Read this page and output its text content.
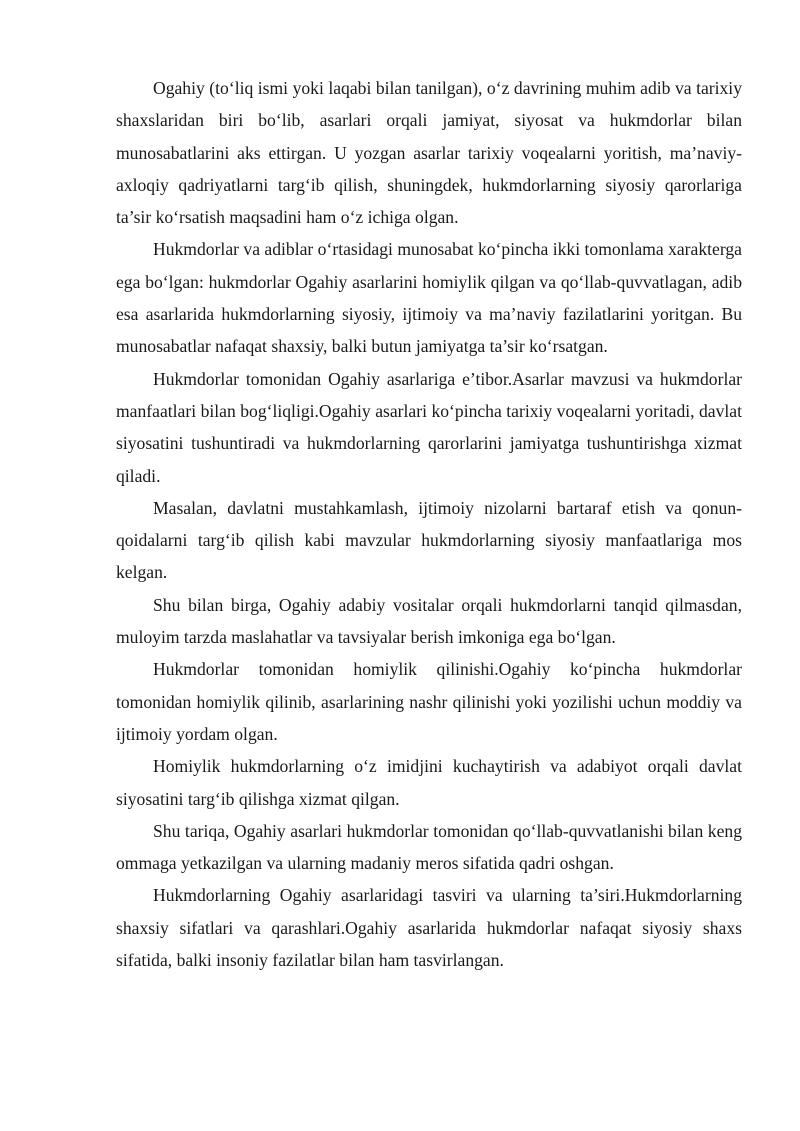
Ogahiy (to‘liq ismi yoki laqabi bilan tanilgan), o‘z davrining muhim adib va tarixiy shaxslaridan biri bo‘lib, asarlari orqali jamiyat, siyosat va hukmdorlar bilan munosabatlarini aks ettirgan. U yozgan asarlar tarixiy voqealarni yoritish, ma’naviy-axloqiy qadriyatlarni targ‘ib qilish, shuningdek, hukmdorlarning siyosiy qarorlariga ta’sir ko‘rsatish maqsadini ham o‘z ichiga olgan.

Hukmdorlar va adiblar o‘rtasidagi munosabat ko‘pincha ikki tomonlama xarakterga ega bo‘lgan: hukmdorlar Ogahiy asarlarini homiylik qilgan va qo‘llab-quvvatlagan, adib esa asarlarida hukmdorlarning siyosiy, ijtimoiy va ma’naviy fazilatlarini yoritgan. Bu munosabatlar nafaqat shaxsiy, balki butun jamiyatga ta’sir ko‘rsatgan.

Hukmdorlar tomonidan Ogahiy asarlariga e’tibor.Asarlar mavzusi va hukmdorlar manfaatlari bilan bog‘liqligi.Ogahiy asarlari ko‘pincha tarixiy voqealarni yoritadi, davlat siyosatini tushuntiradi va hukmdorlarning qarorlarini jamiyatga tushuntirishga xizmat qiladi.

Masalan, davlatni mustahkamlash, ijtimoiy nizolarni bartaraf etish va qonun-qoidalarni targ‘ib qilish kabi mavzular hukmdorlarning siyosiy manfaatlariga mos kelgan.

Shu bilan birga, Ogahiy adabiy vositalar orqali hukmdorlarni tanqid qilmasdan, muloyim tarzda maslahatlar va tavsiyalar berish imkoniga ega bo‘lgan.

Hukmdorlar tomonidan homiylik qilinishi.Ogahiy ko‘pincha hukmdorlar tomonidan homiylik qilinib, asarlarining nashr qilinishi yoki yozilishi uchun moddiy va ijtimoiy yordam olgan.

Homiylik hukmdorlarning o‘z imidjini kuchaytirish va adabiyot orqali davlat siyosatini targ‘ib qilishga xizmat qilgan.

Shu tariqa, Ogahiy asarlari hukmdorlar tomonidan qo‘llab-quvvatlanishi bilan keng ommaga yetkazilgan va ularning madaniy meros sifatida qadri oshgan.

Hukmdorlarning Ogahiy asarlaridagi tasviri va ularning ta’siri.Hukmdorlarning shaxsiy sifatlari va qarashlari.Ogahiy asarlarida hukmdorlar nafaqat siyosiy shaxs sifatida, balki insoniy fazilatlar bilan ham tasvirlangan.
